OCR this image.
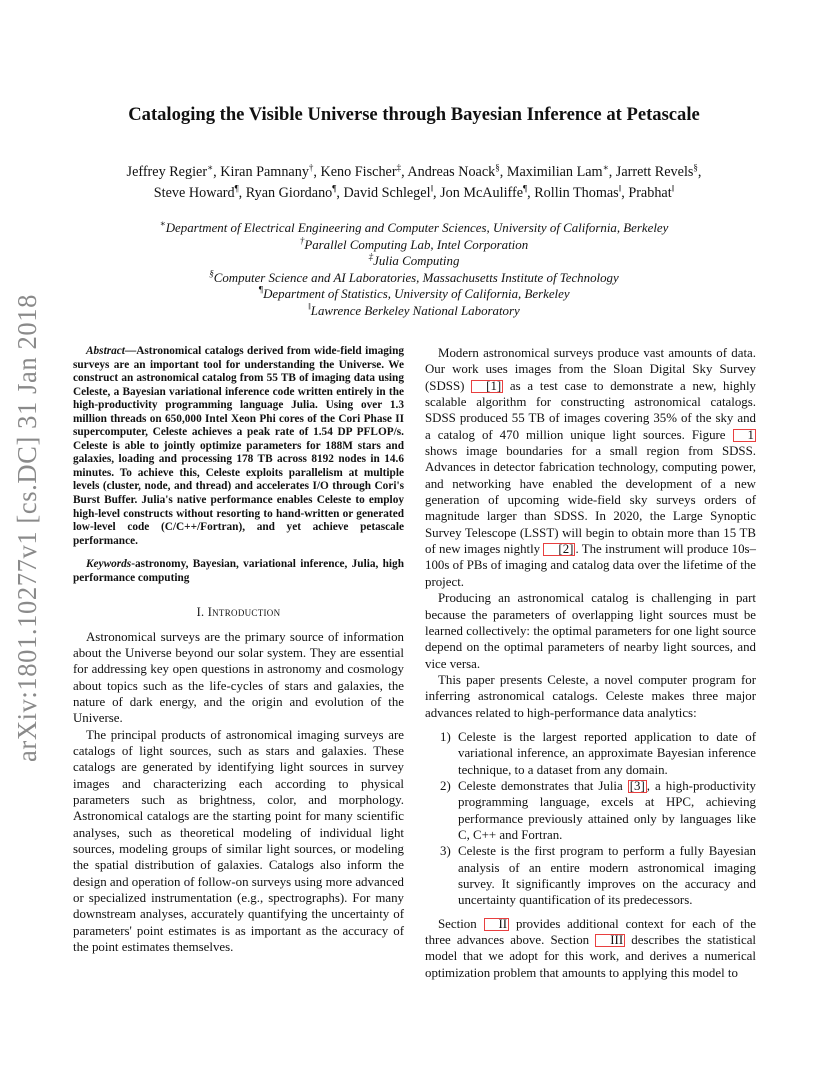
arXiv:1801.10277v1 [cs.DC] 31 Jan 2018
Cataloging the Visible Universe through Bayesian Inference at Petascale
Jeffrey Regier∗, Kiran Pamnany†, Keno Fischer‡, Andreas Noack§, Maximilian Lam∗, Jarrett Revels§,
Steve Howard¶, Ryan Giordano¶, David Schlegel‖, Jon McAuliffe¶, Rollin Thomas‖, Prabhat‖
∗Department of Electrical Engineering and Computer Sciences, University of California, Berkeley
†Parallel Computing Lab, Intel Corporation
‡Julia Computing
§Computer Science and AI Laboratories, Massachusetts Institute of Technology
¶Department of Statistics, University of California, Berkeley
‖Lawrence Berkeley National Laboratory

Abstract—Astronomical catalogs derived from wide-field imaging surveys are an important tool for understanding the Universe. We construct an astronomical catalog from 55 TB of imaging data using Celeste, a Bayesian variational inference code written entirely in the high-productivity programming language Julia. Using over 1.3 million threads on 650,000 Intel Xeon Phi cores of the Cori Phase II supercomputer, Celeste achieves a peak rate of 1.54 DP PFLOP/s. Celeste is able to jointly optimize parameters for 188M stars and galaxies, loading and processing 178 TB across 8192 nodes in 14.6 minutes. To achieve this, Celeste exploits parallelism at multiple levels (cluster, node, and thread) and accelerates I/O through Cori's Burst Buffer. Julia's native performance enables Celeste to employ high-level constructs without resorting to hand-written or generated low-level code (C/C++/Fortran), and yet achieve petascale performance.

Keywords-astronomy, Bayesian, variational inference, Julia, high performance computing

I. Introduction

Astronomical surveys are the primary source of information about the Universe beyond our solar system. They are essential for addressing key open questions in astronomy and cosmology about topics such as the life-cycles of stars and galaxies, the nature of dark energy, and the origin and evolution of the Universe.

The principal products of astronomical imaging surveys are catalogs of light sources, such as stars and galaxies. These catalogs are generated by identifying light sources in survey images and characterizing each according to physical parameters such as brightness, color, and morphology. Astronomical catalogs are the starting point for many scientific analyses, such as theoretical modeling of individual light sources, modeling groups of similar light sources, or modeling the spatial distribution of galaxies. Catalogs also inform the design and operation of follow-on surveys using more advanced or specialized instrumentation (e.g., spectrographs). For many downstream analyses, accurately quantifying the uncertainty of parameters' point estimates is as important as the accuracy of the point estimates themselves.

Modern astronomical surveys produce vast amounts of data. Our work uses images from the Sloan Digital Sky Survey (SDSS) [1] as a test case to demonstrate a new, highly scalable algorithm for constructing astronomical catalogs. SDSS produced 55 TB of images covering 35% of the sky and a catalog of 470 million unique light sources. Figure 1 shows image boundaries for a small region from SDSS. Advances in detector fabrication technology, computing power, and networking have enabled the development of a new generation of upcoming wide-field sky surveys orders of magnitude larger than SDSS. In 2020, the Large Synoptic Survey Telescope (LSST) will begin to obtain more than 15 TB of new images nightly [2] . The instrument will produce 10s–100s of PBs of imaging and catalog data over the lifetime of the project.

Producing an astronomical catalog is challenging in part because the parameters of overlapping light sources must be learned collectively: the optimal parameters for one light source depend on the optimal parameters of nearby light sources, and vice versa.

This paper presents Celeste, a novel computer program for inferring astronomical catalogs. Celeste makes three major advances related to high-performance data analytics:

1) Celeste is the largest reported application to date of variational inference, an approximate Bayesian inference technique, to a dataset from any domain.
2) Celeste demonstrates that Julia [3] , a high-productivity programming language, excels at HPC, achieving performance previously attained only by languages like C, C++ and Fortran.
3) Celeste is the first program to perform a fully Bayesian analysis of an entire modern astronomical imaging survey. It significantly improves on the accuracy and uncertainty quantification of its predecessors.

Section II provides additional context for each of the three advances above. Section III describes the statistical model that we adopt for this work, and derives a numerical optimization problem that amounts to applying this model to
